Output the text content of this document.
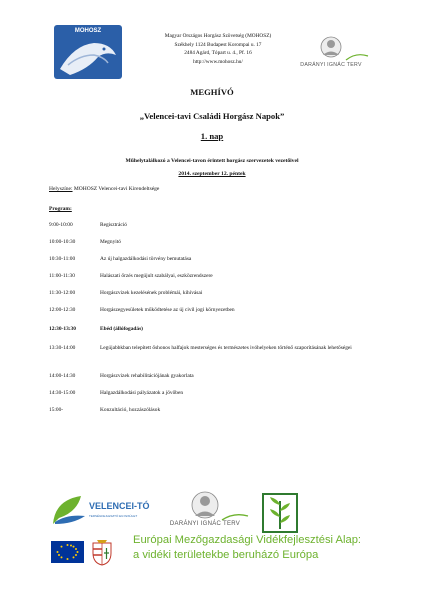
MOHOSZ
Magyar Országos Horgász Szövetség (MOHOSZ)
Székhely 1124 Budapest Korompai u. 17
2484 Agárd, Tópart u. 4., Pf. 16
http://www.mohosz.hu/
DARÁNYI IGNÁC TERV
MEGHÍVÓ
„Velencei-tavi Családi Horgász Napok”
1. nap
Műhelytalálkozó a Velencei-tavon érintett horgász szervezetek vezetőivel
2014. szeptember 12. péntek
Helyszíne: MOHOSZ Velencei-tavi Kirendeltsége
Program:
9:00-10:00	Regisztráció
10:00-10:30	Megnyitó
10:30-11:00	Az új halgazdálkodási törvény bemutatása
11:00-11:30	Halászati őrzés megújult szabályai, eszközrendszere
11:30-12:00	Horgászvizek kezelésének problémái, kihívásai
12:00-12:30	Horgászegyesületek működtetése az új civil jogi környezetben
12:30-13:30	Ebéd (állófogadás)
13:30-14:00	Legújabbkban telepített őshonos halfajok mesterséges és természetes ivóhelyeken történő szaporításának lehetőségei
14:00-14:30	Horgászvizek rehabilitációjának gyakorlata
14:30-15:00	Halgazdálkodási pályázatok a jövőben
15:00-	Konzultáció, hozzászólások
VELENCEI-TÓ
TERSÉGFEJLESZTŐ EGYESÜLET
DARÁNYI IGNÁC TERV
Európai Mezőgazdasági Vidékfejlesztési Alap:
a vidéki területekbe beruházó Európa
